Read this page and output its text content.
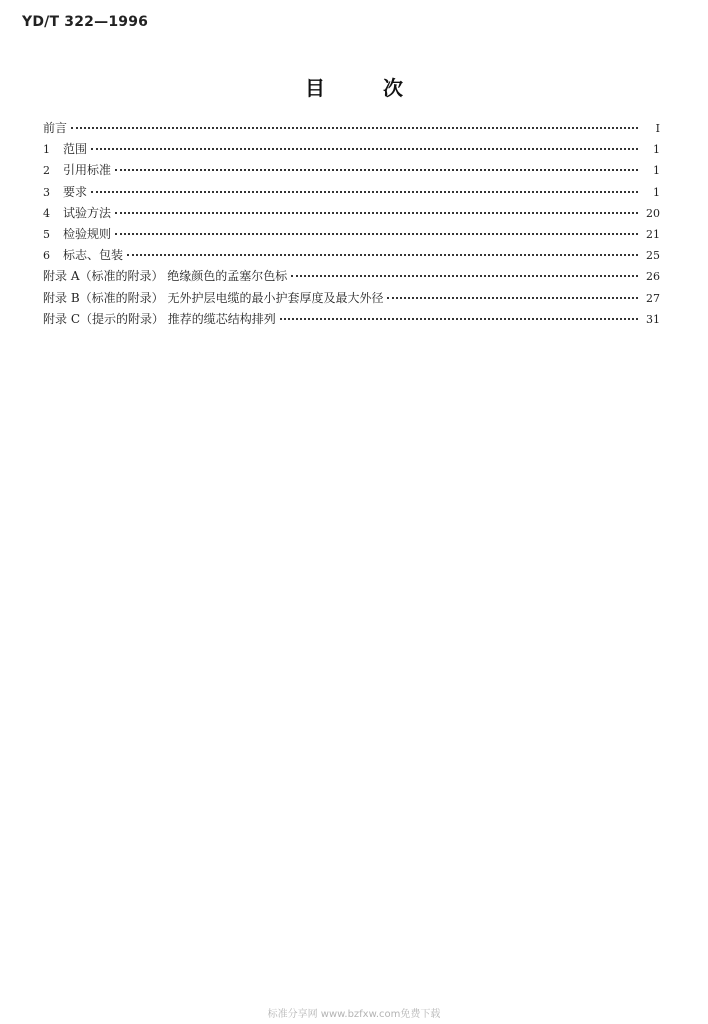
YD/T 322—1996
目次
前言	Ⅰ
1	范围	1
2	引用标准	1
3	要求	1
4	试验方法	20
5	检验规则	21
6	标志、包装	25
附录 A（标准的附录） 绝缘颜色的孟塞尔色标	26
附录 B（标准的附录） 无外护层电缆的最小护套厚度及最大外径	27
附录 C（提示的附录） 推荐的缆芯结构排列	31
标准分享网 www.bzfxw.com免费下载
